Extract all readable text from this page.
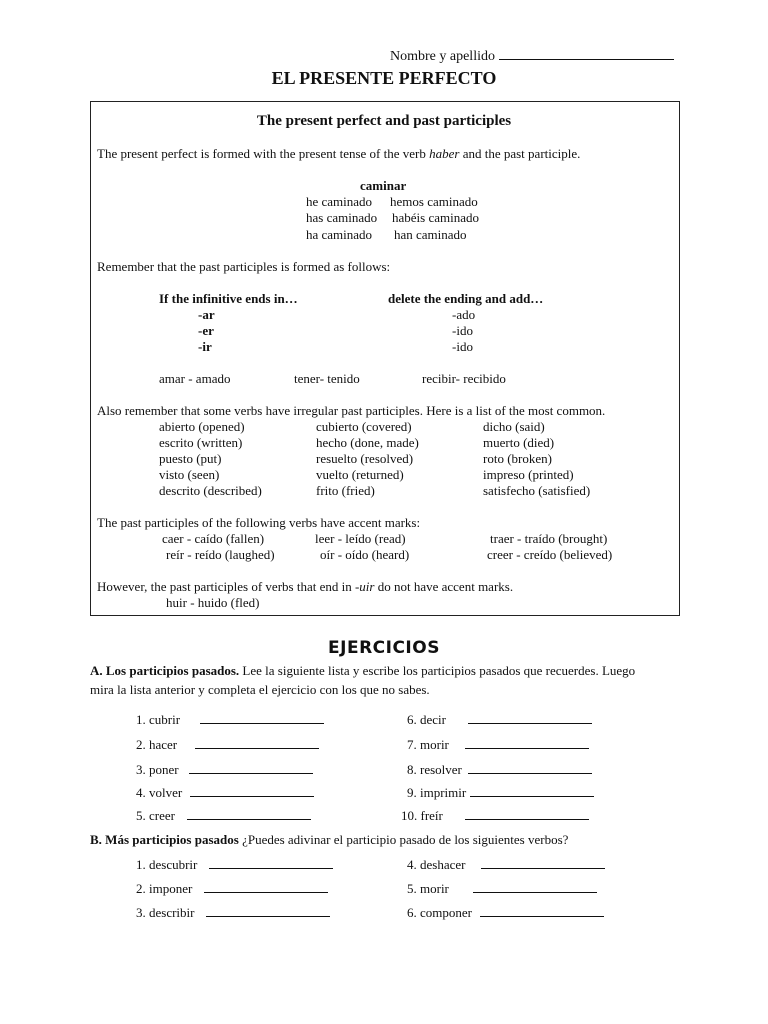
Nombre y apellido
EL PRESENTE PERFECTO
The present perfect and past participles
The present perfect is formed with the present tense of the verb haber and the past participle.
caminar
he caminado hemos caminado
has caminado habéis caminado
ha caminado han caminado
Remember that the past participles is formed as follows:
If the infinitive ends in…	delete the ending and add…
-ar	-ado
-er	-ido
-ir	-ido
amar - amado	tener- tenido	recibir- recibido
Also remember that some verbs have irregular past participles. Here is a list of the most common.
abierto (opened)	cubierto (covered)	dicho (said)
escrito (written)	hecho (done, made)	muerto (died)
puesto (put)	resuelto (resolved)	roto (broken)
visto (seen)	vuelto (returned)	impreso (printed)
descrito (described)	frito (fried)	satisfecho (satisfied)
The past participles of the following verbs have accent marks:
caer - caído (fallen)	leer - leído (read)	traer - traído (brought)
reír - reído (laughed)	oír - oído (heard)	creer - creído (believed)
However, the past participles of verbs that end in -uir do not have accent marks.
huir - huido (fled)
EJERCICIOS
A. Los participios pasados. Lee la siguiente lista y escribe los participios pasados que recuerdes. Luego
mira la lista anterior y completa el ejercicio con los que no sabes.
1. cubrir
2. hacer
3. poner
4. volver
5. creer
6. decir
7. morir
8. resolver
9. imprimir
10. freír
B. Más participios pasados ¿Puedes adivinar el participio pasado de los siguientes verbos?
1. descubrir
2. imponer
3. describir
4. deshacer
5. morir
6. componer
